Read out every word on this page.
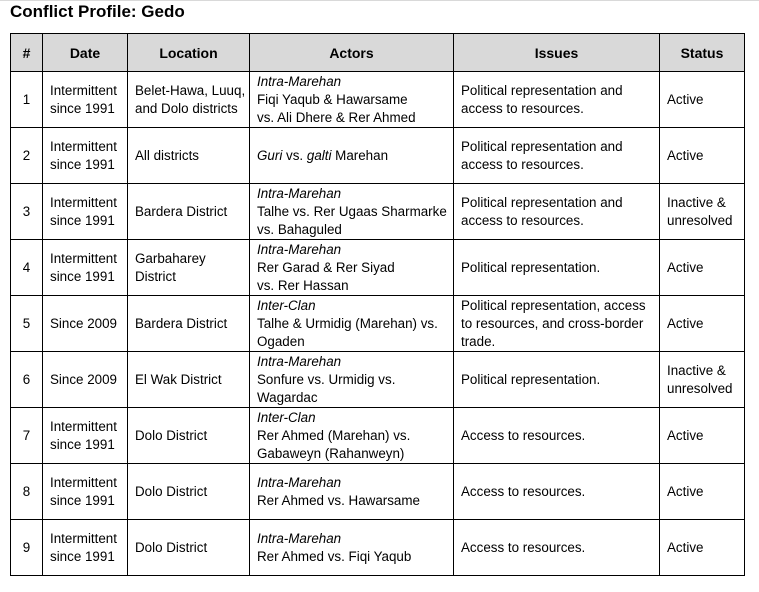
Conflict Profile: Gedo
#	Date	Location	Actors	Issues	Status
1	Intermittent
since 1991	Belet-Hawa, Luuq,
and Dolo districts	Intra-Marehan
Fiqi Yaqub & Hawarsame
vs. Ali Dhere & Rer Ahmed	Political representation and
access to resources.	Active

2	Intermittent
since 1991	All districts	Guri vs. galti Marehan	Political representation and
access to resources.	Active

3	Intermittent
since 1991	Bardera District	Intra-Marehan
Talhe vs. Rer Ugaas Sharmarke
vs. Bahaguled	Political representation and
access to resources.	Inactive &
unresolved

4	Intermittent
since 1991	Garbaharey
District	Intra-Marehan
Rer Garad & Rer Siyad
vs. Rer Hassan	Political representation.	Active

5	Since 2009	Bardera District	Inter-Clan
Talhe & Urmidig (Marehan) vs.
Ogaden	Political representation, access
to resources, and cross-border
trade.	Active

6	Since 2009	El Wak District	Intra-Marehan
Sonfure vs. Urmidig vs.
Wagardac	Political representation.	Inactive &
unresolved

7	Intermittent
since 1991	Dolo District	Inter-Clan
Rer Ahmed (Marehan) vs.
Gabaweyn (Rahanweyn)	Access to resources.	Active

8	Intermittent
since 1991	Dolo District	Intra-Marehan
Rer Ahmed vs. Hawarsame	Access to resources.	Active

9	Intermittent
since 1991	Dolo District	Intra-Marehan
Rer Ahmed vs. Fiqi Yaqub	Access to resources.	Active
